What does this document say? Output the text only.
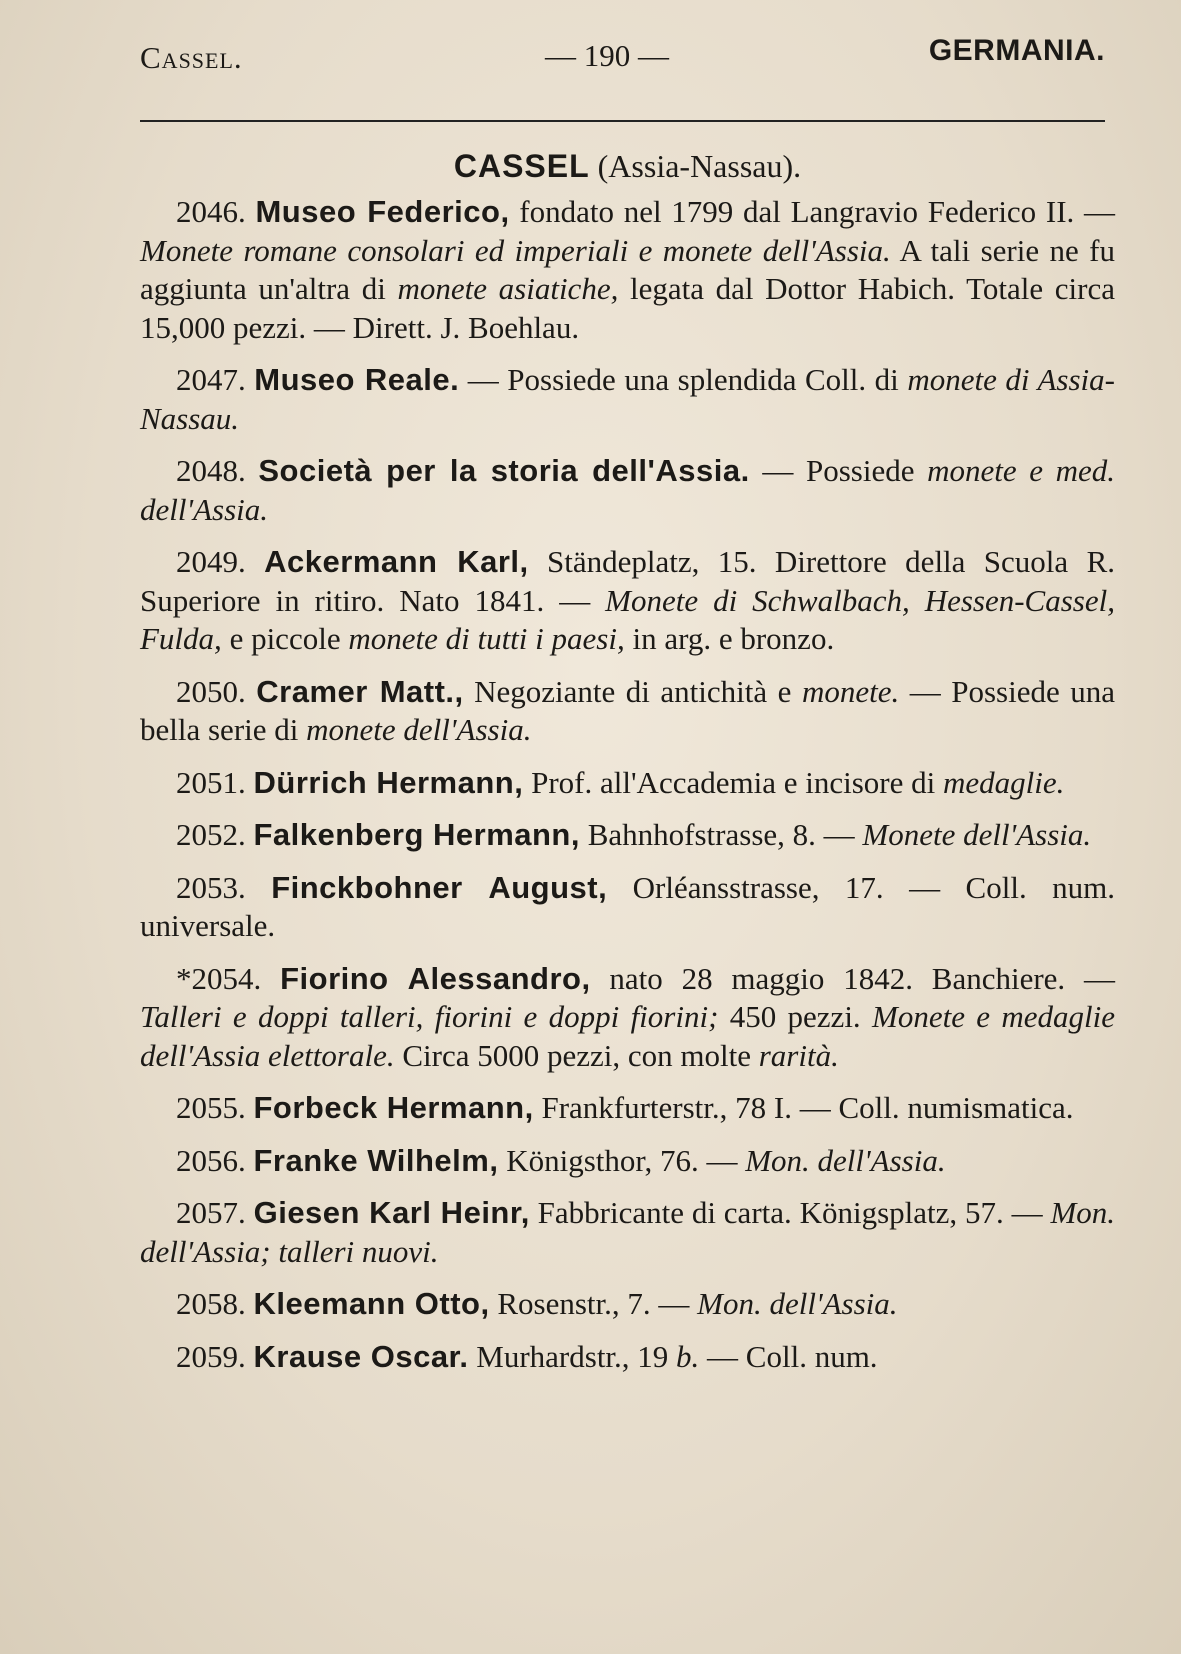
Cassel.	— 190 —	GERMANIA.
CASSEL (Assia-Nassau).

2046. Museo Federico, fondato nel 1799 dal Langravio Federico II. — Monete romane consolari ed imperiali e monete dell'Assia. A tali serie ne fu aggiunta un'altra di monete asiatiche, legata dal Dottor Habich. Totale circa 15,000 pezzi. — Dirett. J. Boehlau.

2047. Museo Reale. — Possiede una splendida Coll. di monete di Assia-Nassau.

2048. Società per la storia dell'Assia. — Possiede monete e med. dell'Assia.

2049. Ackermann Karl, Ständeplatz, 15. Direttore della Scuola R. Superiore in ritiro. Nato 1841. — Monete di Schwalbach, Hessen-Cassel, Fulda, e piccole monete di tutti i paesi, in arg. e bronzo.

2050. Cramer Matt., Negoziante di antichità e monete. — Possiede una bella serie di monete dell'Assia.

2051. Dürrich Hermann, Prof. all'Accademia e incisore di medaglie.

2052. Falkenberg Hermann, Bahnhofstrasse, 8. — Monete dell'Assia.

2053. Finckbohner August, Orléansstrasse, 17. — Coll. num. universale.

*2054. Fiorino Alessandro, nato 28 maggio 1842. Banchiere. — Talleri e doppi talleri, fiorini e doppi fiorini; 450 pezzi. Monete e medaglie dell'Assia elettorale. Circa 5000 pezzi, con molte rarità.

2055. Forbeck Hermann, Frankfurterstr., 78 I. — Coll. numismatica.

2056. Franke Wilhelm, Königsthor, 76. — Mon. dell'Assia.

2057. Giesen Karl Heinr, Fabbricante di carta. Königsplatz, 57. — Mon. dell'Assia; talleri nuovi.

2058. Kleemann Otto, Rosenstr., 7. — Mon. dell'Assia.

2059. Krause Oscar. Murhardstr., 19 b. — Coll. num.
